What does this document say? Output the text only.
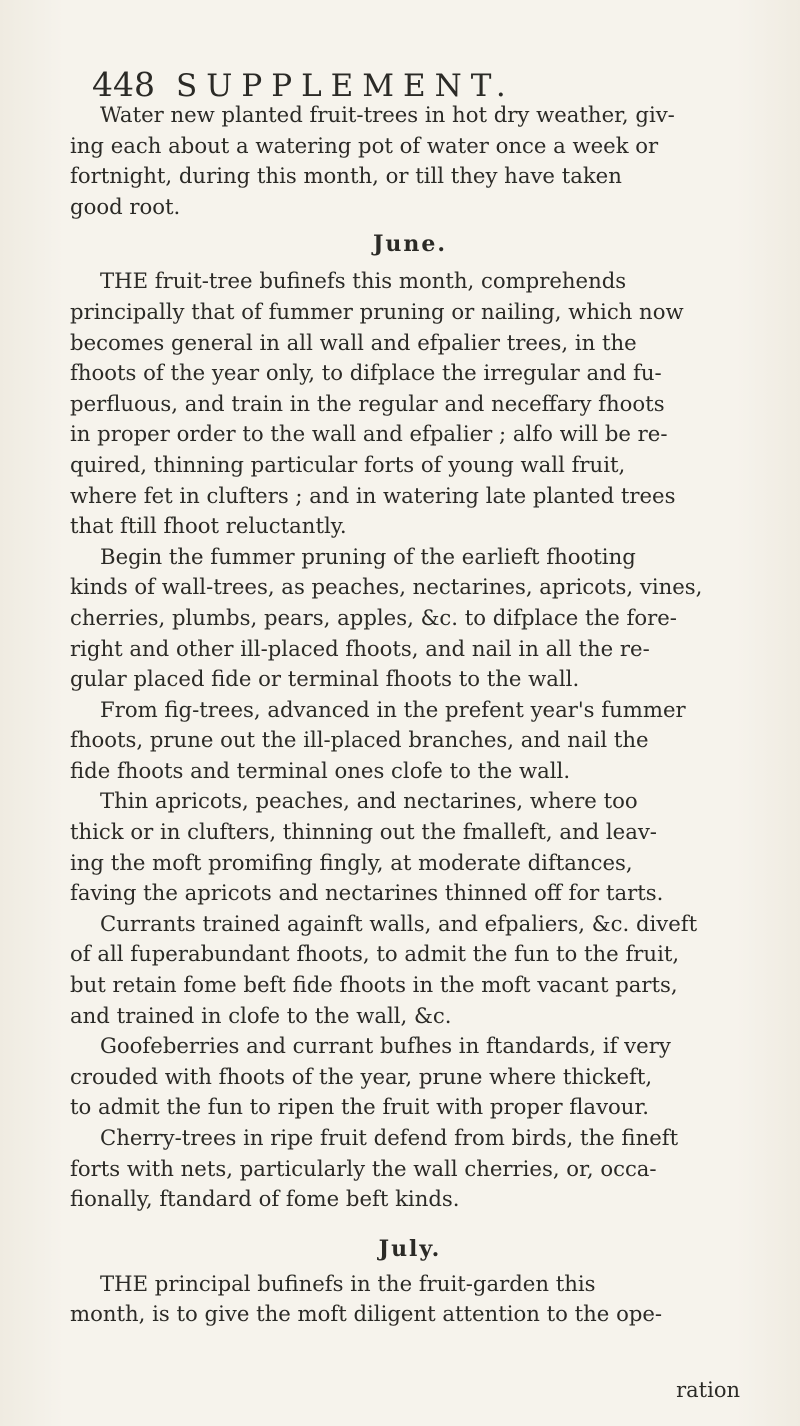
448 SUPPLEMENT.

Water new planted fruit-trees in hot dry weather, giv-
ing each about a watering pot of water once a week or
fortnight, during this month, or till they have taken
good root.

June.

THE fruit-tree bufinefs this month, comprehends
principally that of fummer pruning or nailing, which now
becomes general in all wall and efpalier trees, in the
fhoots of the year only, to difplace the irregular and fu-
perfluous, and train in the regular and neceffary fhoots
in proper order to the wall and efpalier ; alfo will be re-
quired, thinning particular forts of young wall fruit,
where fet in clufters ; and in watering late planted trees
that ftill fhoot reluctantly.

Begin the fummer pruning of the earlieft fhooting
kinds of wall-trees, as peaches, nectarines, apricots, vines,
cherries, plumbs, pears, apples, &c. to difplace the fore-
right and other ill-placed fhoots, and nail in all the re-
gular placed fide or terminal fhoots to the wall.

From fig-trees, advanced in the prefent year's fummer
fhoots, prune out the ill-placed branches, and nail the
fide fhoots and terminal ones clofe to the wall.

Thin apricots, peaches, and nectarines, where too
thick or in clufters, thinning out the fmalleft, and leav-
ing the moft promifing fingly, at moderate diftances,
faving the apricots and nectarines thinned off for tarts.

Currants trained againft walls, and efpaliers, &c. diveft
of all fuperabundant fhoots, to admit the fun to the fruit,
but retain fome beft fide fhoots in the moft vacant parts,
and trained in clofe to the wall, &c.

Goofeberries and currant bufhes in ftandards, if very
crouded with fhoots of the year, prune where thickeft,
to admit the fun to ripen the fruit with proper flavour.

Cherry-trees in ripe fruit defend from birds, the fineft
forts with nets, particularly the wall cherries, or, occa-
fionally, ftandard of fome beft kinds.

July.

THE principal bufinefs in the fruit-garden this
month, is to give the moft diligent attention to the ope-

ration
